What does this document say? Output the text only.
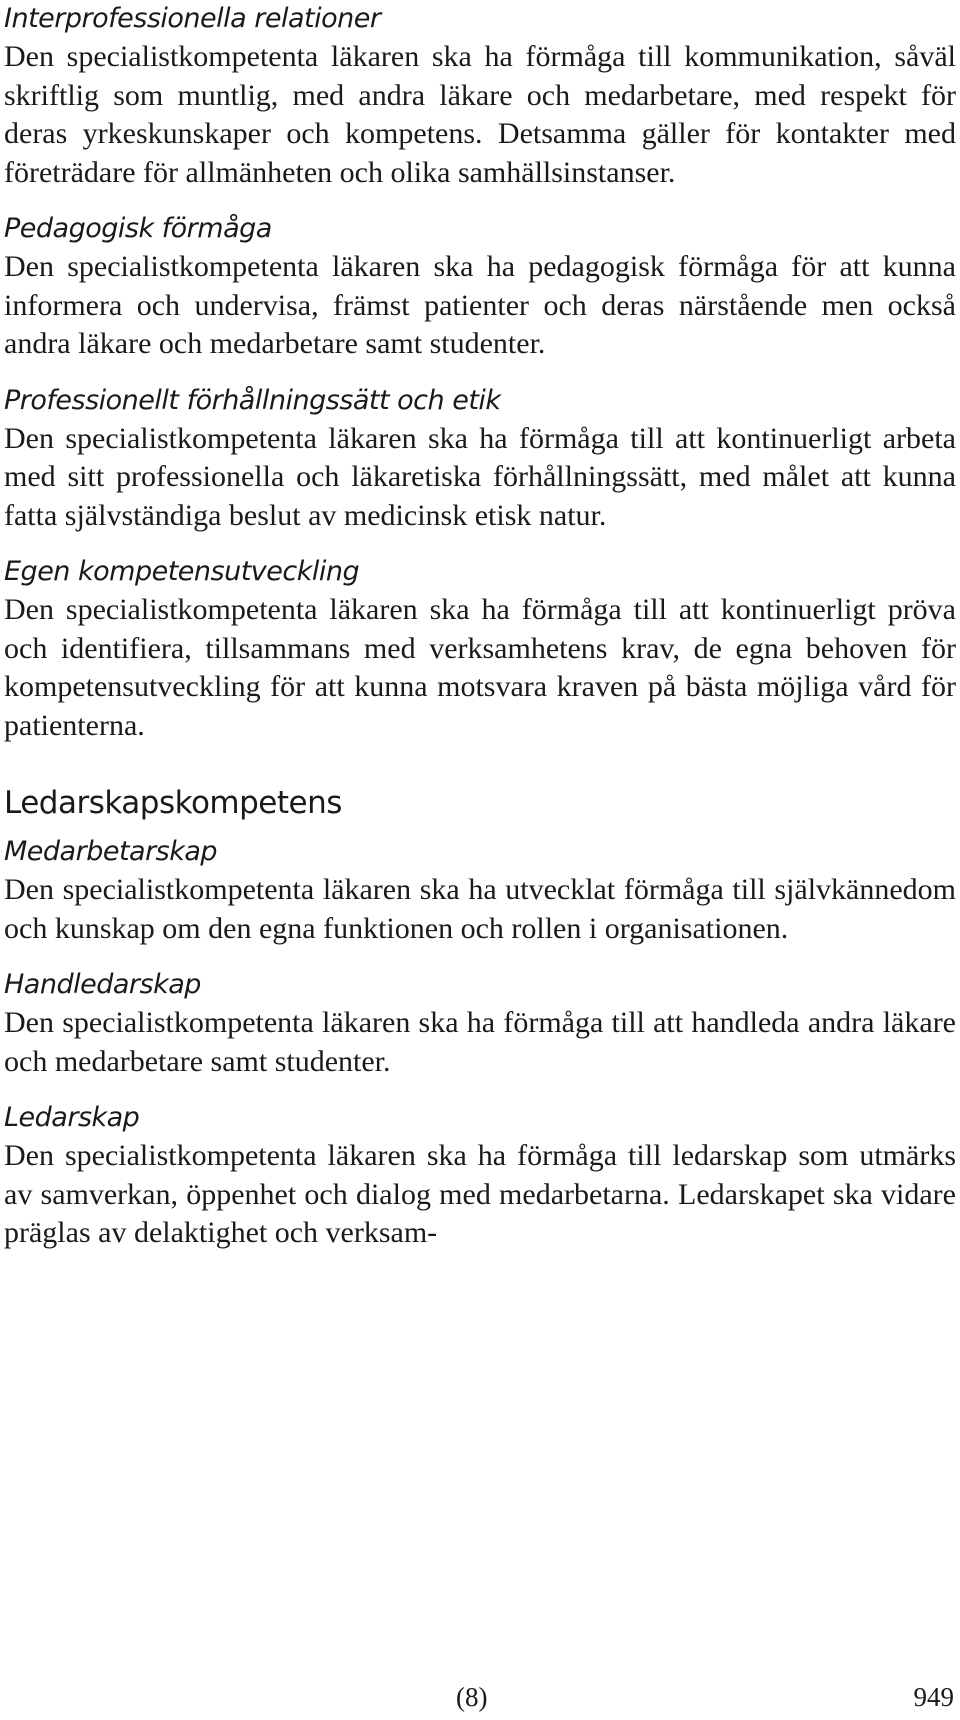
Interprofessionella relationer

Den specialistkompetenta läkaren ska ha förmåga till kommunikation, såväl skriftlig som muntlig, med andra läkare och medarbetare, med respekt för deras yrkeskunskaper och kompetens. Detsamma gäller för kontakter med företrädare för allmänheten och olika samhällsinstanser.

Pedagogisk förmåga

Den specialistkompetenta läkaren ska ha pedagogisk förmåga för att kunna informera och undervisa, främst patienter och deras närstående men också andra läkare och medarbetare samt studenter.

Professionellt förhållningssätt och etik

Den specialistkompetenta läkaren ska ha förmåga till att kontinuerligt arbeta med sitt professionella och läkaretiska förhållningssätt, med målet att kunna fatta självständiga beslut av medicinsk etisk natur.

Egen kompetensutveckling

Den specialistkompetenta läkaren ska ha förmåga till att kontinuerligt pröva och identifiera, tillsammans med verksamhetens krav, de egna behoven för kompetensutveckling för att kunna motsvara kraven på bästa möjliga vård för patienterna.

Ledarskapskompetens
Medarbetarskap

Den specialistkompetenta läkaren ska ha utvecklat förmåga till självkännedom och kunskap om den egna funktionen och rollen i organisationen.

Handledarskap

Den specialistkompetenta läkaren ska ha förmåga till att handleda andra läkare och medarbetare samt studenter.

Ledarskap

Den specialistkompetenta läkaren ska ha förmåga till ledarskap som utmärks av samverkan, öppenhet och dialog med medarbetarna. Ledarskapet ska vidare präglas av delaktighet och verksam-

(8)	949
